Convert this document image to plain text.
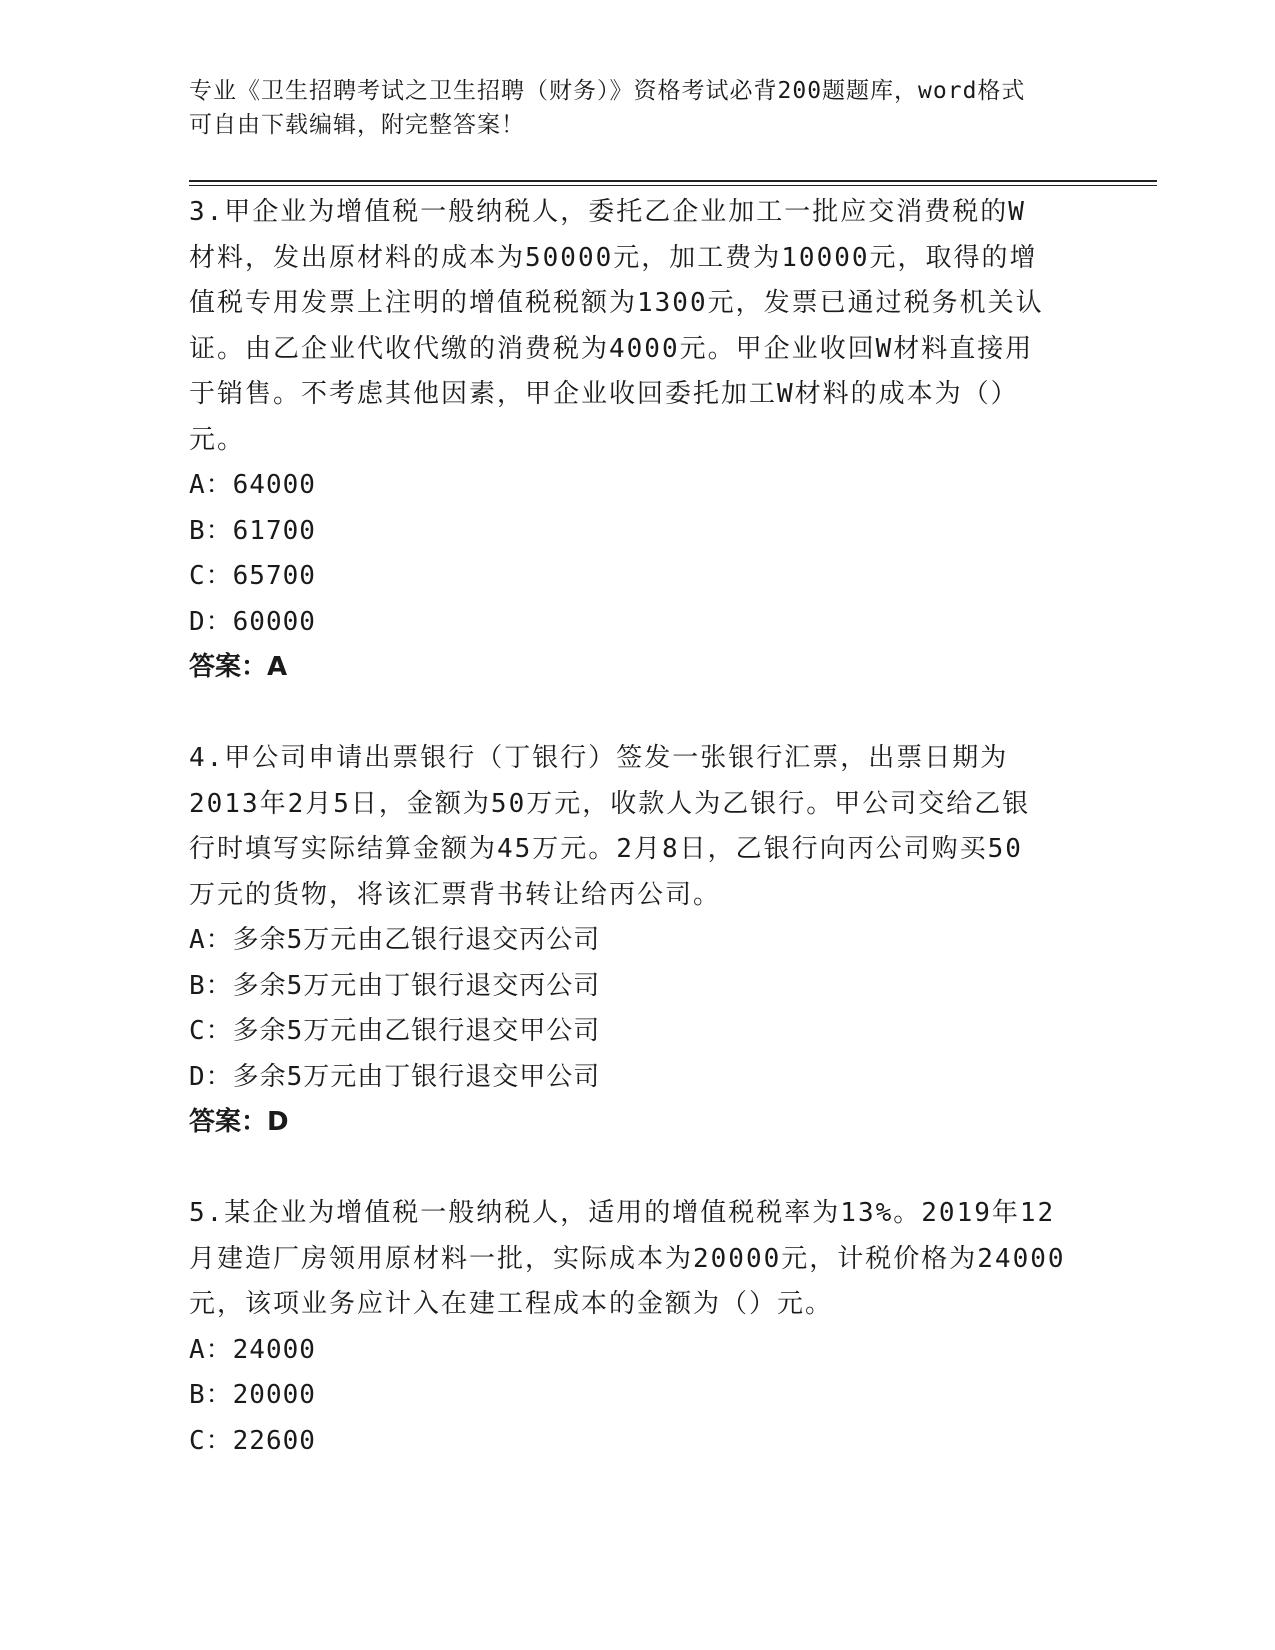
专业《卫生招聘考试之卫生招聘（财务）》资格考试必背200题题库，word格式
可自由下载编辑，附完整答案！

3.甲企业为增值税一般纳税人，委托乙企业加工一批应交消费税的W

材料，发出原材料的成本为50000元，加工费为10000元，取得的增

值税专用发票上注明的增值税税额为1300元，发票已通过税务机关认

证。由乙企业代收代缴的消费税为4000元。甲企业收回W材料直接用

于销售。不考虑其他因素，甲企业收回委托加工W材料的成本为（）

元。

A：64000

B：61700

C：65700

D：60000

答案：A

4.甲公司申请出票银行（丁银行）签发一张银行汇票，出票日期为

2013年2月5日，金额为50万元，收款人为乙银行。甲公司交给乙银

行时填写实际结算金额为45万元。2月8日，乙银行向丙公司购买50

万元的货物，将该汇票背书转让给丙公司。

A：多余5万元由乙银行退交丙公司

B：多余5万元由丁银行退交丙公司

C：多余5万元由乙银行退交甲公司

D：多余5万元由丁银行退交甲公司

答案：D

5.某企业为增值税一般纳税人，适用的增值税税率为13%。2019年12

月建造厂房领用原材料一批，实际成本为20000元，计税价格为24000

元，该项业务应计入在建工程成本的金额为（）元。

A：24000

B：20000

C：22600
